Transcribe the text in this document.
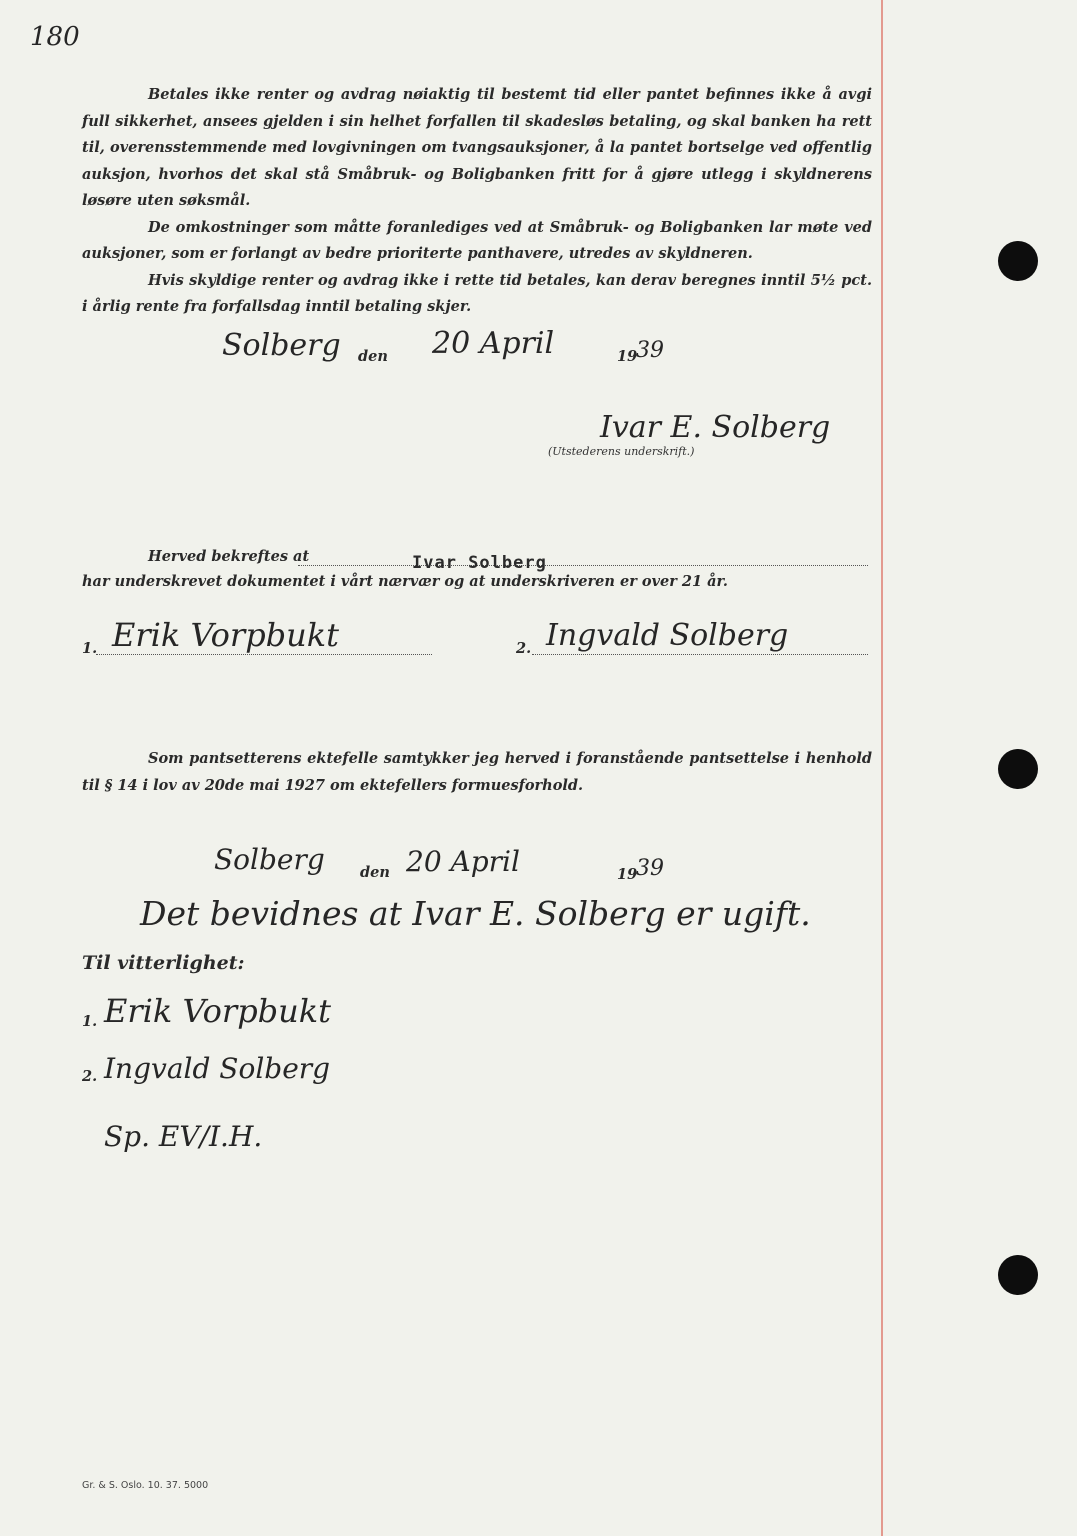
180

Betales ikke renter og avdrag nøiaktig til bestemt tid eller pantet befinnes ikke å avgi full sikkerhet, ansees gjelden i sin helhet forfallen til skadesløs betaling, og skal banken ha rett til, overensstemmende med lovgivningen om tvangsauksjoner, å la pantet bortselge ved offentlig auksjon, hvorhos det skal stå Småbruk- og Boligbanken fritt for å gjøre utlegg i skyldnerens løsøre uten søksmål.

De omkostninger som måtte foranlediges ved at Småbruk- og Boligbanken lar møte ved auksjoner, som er forlangt av bedre prioriterte panthavere, utredes av skyldneren.

Hvis skyldige renter og avdrag ikke i rette tid betales, kan derav beregnes inntil 5½ pct. i årlig rente fra forfallsdag inntil betaling skjer.

Solberg den 20 April	19
39
Ivar E. Solberg
(Utstederens underskrift.)
Herved bekreftes at	Ivar Solberg
har underskrevet dokumentet i vårt nærvær og at underskriveren er over 21 år.
1. Erik Vorpbukt	2. Ingvald Solberg

Som pantsetterens ektefelle samtykker jeg herved i foranstående pantsettelse i henhold til § 14 i lov av 20de mai 1927 om ektefellers formuesforhold.

Solberg den 20 April	19
39
Det bevidnes at Ivar E. Solberg er ugift.
Til vitterlighet:
1. Erik Vorpbukt
2. Ingvald Solberg
Sp. EV/I.H.
Gr. & S. Oslo. 10. 37. 5000
